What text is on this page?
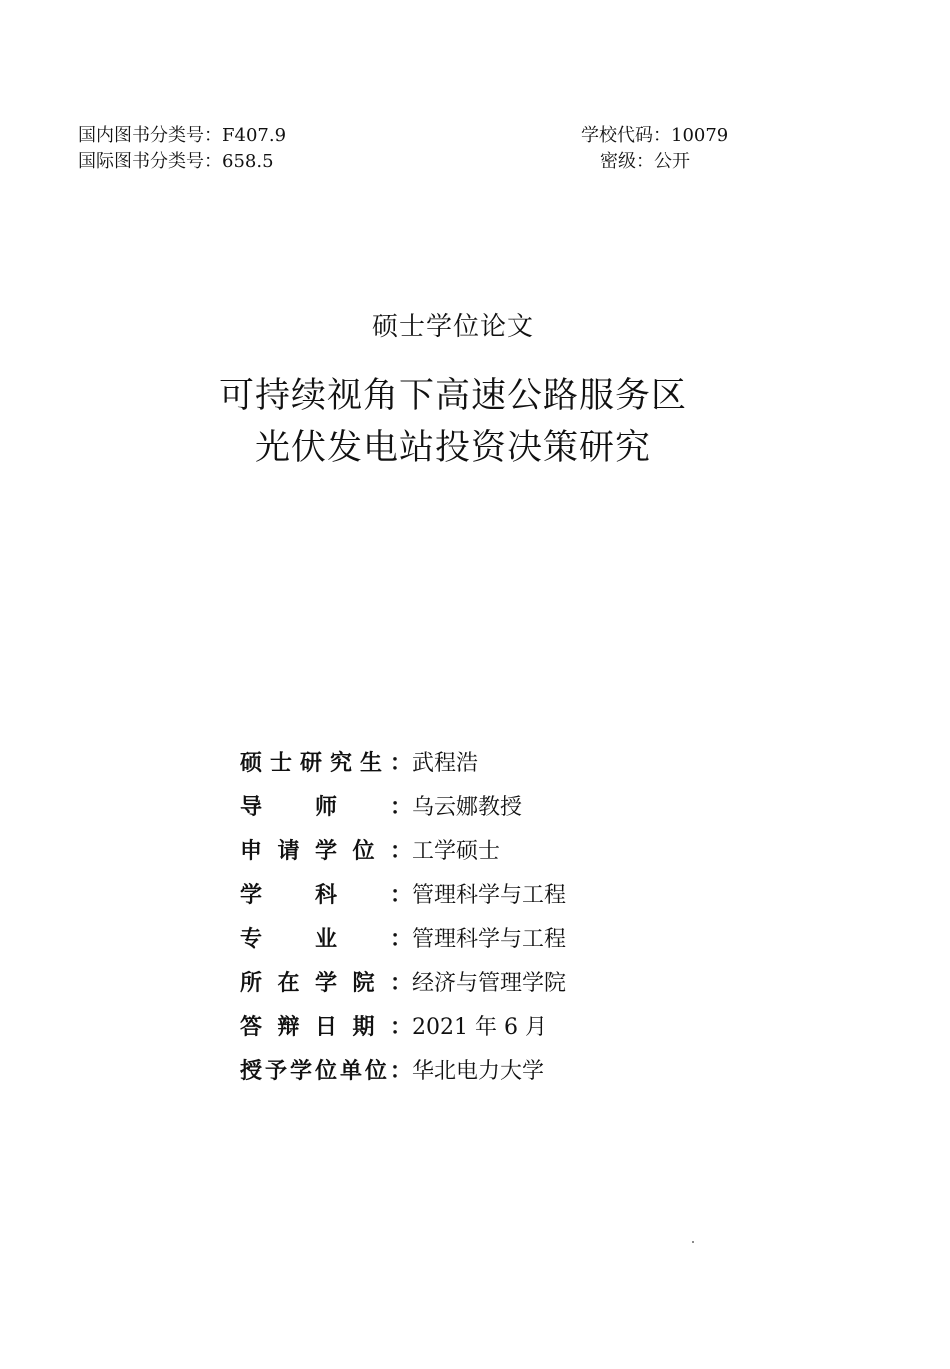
国内图书分类号：F407.9
国际图书分类号：658.5
学校代码：10079
密级：公开
硕士学位论文
可持续视角下高速公路服务区
光伏发电站投资决策研究
硕 士 研 究 生 ： 武程浩
导 师 ： 乌云娜教授
申 请 学 位 ： 工学硕士
学 科 ： 管理科学与工程
专 业 ： 管理科学与工程
所 在 学 院 ： 经济与管理学院
答 辩 日 期 ： 2021 年 6 月
授 予 学 位 单 位 ： 华北电力大学
